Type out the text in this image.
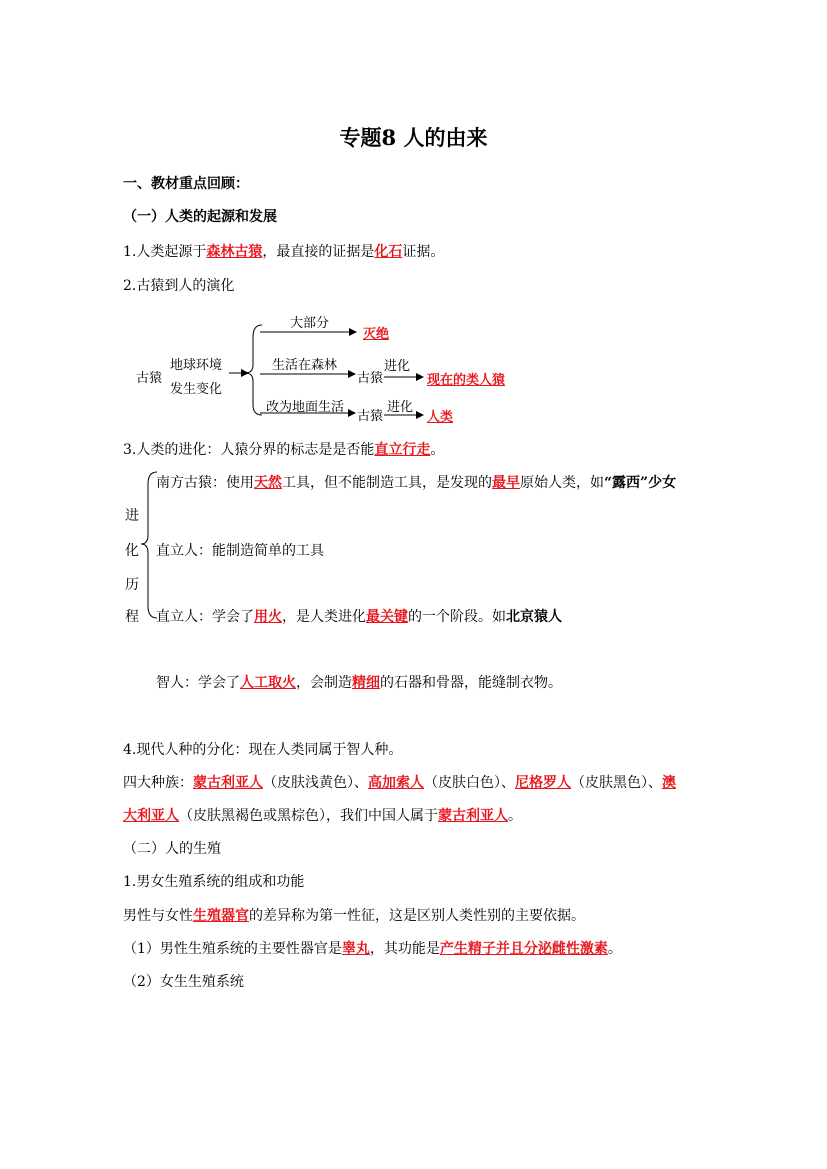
专题8 人的由来
一、教材重点回顾：
（一）人类的起源和发展
1.人类起源于森林古猿，最直接的证据是化石证据。
2.古猿到人的演化
古猿
地球环境
发生变化
大部分
灭绝
生活在森林
古猿
进化
现在的类人猿
改为地面生活
古猿
进化
人类
3.人类的进化：人猿分界的标志是是否能直立行走。
进
化
历
程
南方古猿：使用天然工具，但不能制造工具，是发现的最早原始人类，如“露西”少女
直立人：能制造简单的工具
直立人：学会了用火，是人类进化最关键的一个阶段。如北京猿人
智人：学会了人工取火，会制造精细的石器和骨器，能缝制衣物。
4.现代人种的分化：现在人类同属于智人种。
四大种族：蒙古利亚人（皮肤浅黄色）、高加索人（皮肤白色）、尼格罗人（皮肤黑色）、澳
大利亚人（皮肤黑褐色或黑棕色），我们中国人属于蒙古利亚人。
（二）人的生殖
1.男女生殖系统的组成和功能
男性与女性生殖器官的差异称为第一性征，这是区别人类性别的主要依据。
（1）男性生殖系统的主要性器官是睾丸，其功能是产生精子并且分泌雌性激素。
（2）女生生殖系统
